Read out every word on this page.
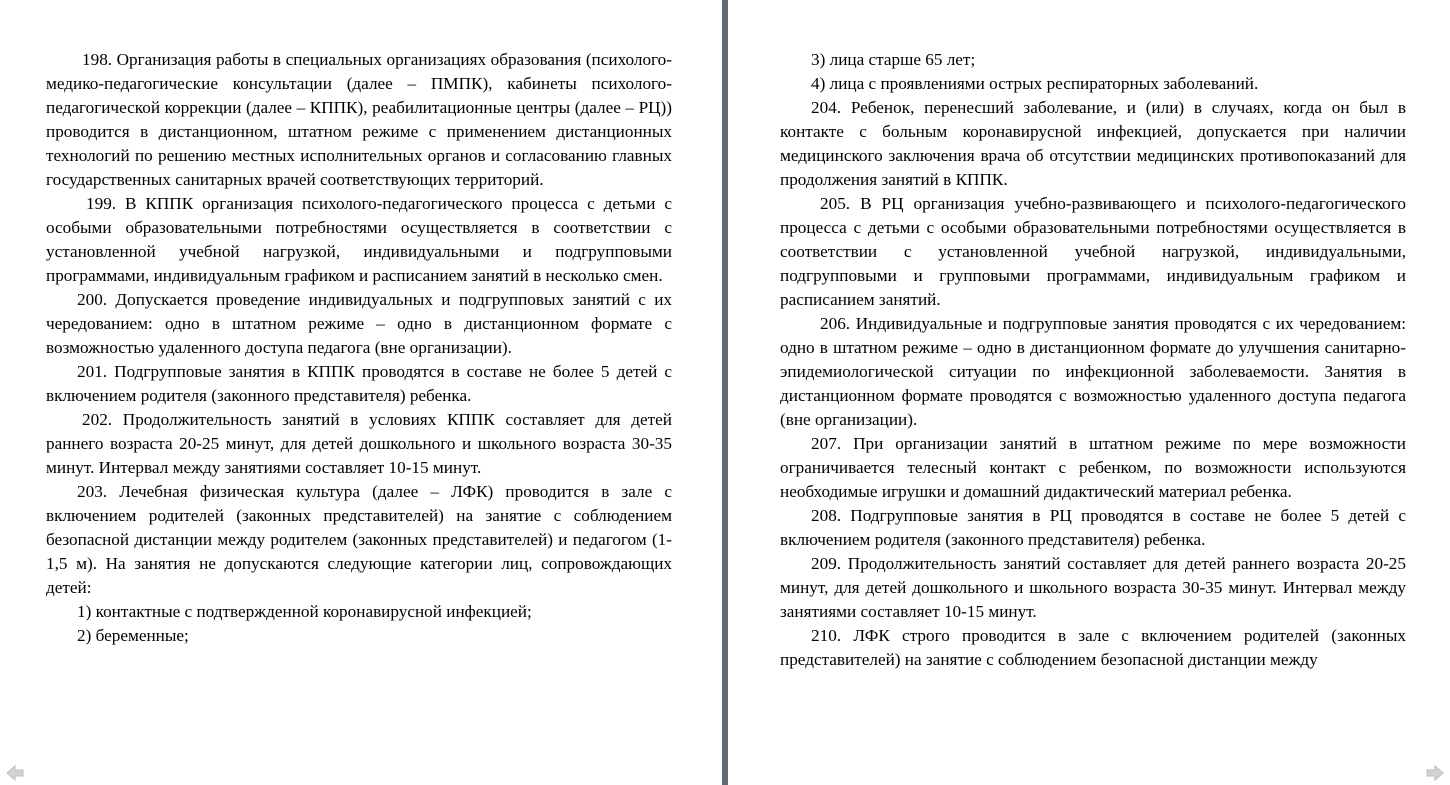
198. Организация работы в специальных организациях образования (психолого-медико-педагогические консультации (далее – ПМПК), кабинеты психолого-педагогической коррекции (далее – КППК), реабилитационные центры (далее – РЦ)) проводится в дистанционном, штатном режиме с применением дистанционных технологий по решению местных исполнительных органов и согласованию главных государственных санитарных врачей соответствующих территорий.

199. В КППК организация психолого-педагогического процесса с детьми с особыми образовательными потребностями осуществляется в соответствии с установленной учебной нагрузкой, индивидуальными и подгрупповыми программами, индивидуальным графиком и расписанием занятий в несколько смен.

200. Допускается проведение индивидуальных и подгрупповых занятий с их чередованием: одно в штатном режиме – одно в дистанционном формате с возможностью удаленного доступа педагога (вне организации).

201. Подгрупповые занятия в КППК проводятся в составе не более 5 детей с включением родителя (законного представителя) ребенка.

202. Продолжительность занятий в условиях КППК составляет для детей раннего возраста 20-25 минут, для детей дошкольного и школьного возраста 30-35 минут. Интервал между занятиями составляет 10-15 минут.

203. Лечебная физическая культура (далее – ЛФК) проводится в зале с включением родителей (законных представителей) на занятие с соблюдением безопасной дистанции между родителем (законных представителей) и педагогом (1-1,5 м). На занятия не допускаются следующие категории лиц, сопровождающих детей:

1) контактные с подтвержденной коронавирусной инфекцией;

2) беременные;

3) лица старше 65 лет;

4) лица с проявлениями острых респираторных заболеваний.

204. Ребенок, перенесший заболевание, и (или) в случаях, когда он был в контакте с больным коронавирусной инфекцией, допускается при наличии медицинского заключения врача об отсутствии медицинских противопоказаний для продолжения занятий в КППК.

205. В РЦ организация учебно-развивающего и психолого-педагогического процесса с детьми с особыми образовательными потребностями осуществляется в соответствии с установленной учебной нагрузкой, индивидуальными, подгрупповыми и групповыми программами, индивидуальным графиком и расписанием занятий.

206. Индивидуальные и подгрупповые занятия проводятся с их чередованием: одно в штатном режиме – одно в дистанционном формате до улучшения санитарно-эпидемиологической ситуации по инфекционной заболеваемости. Занятия в дистанционном формате проводятся с возможностью удаленного доступа педагога (вне организации).

207. При организации занятий в штатном режиме по мере возможности ограничивается телесный контакт с ребенком, по возможности используются необходимые игрушки и домашний дидактический материал ребенка.

208. Подгрупповые занятия в РЦ проводятся в составе не более 5 детей с включением родителя (законного представителя) ребенка.

209. Продолжительность занятий составляет для детей раннего возраста 20-25 минут, для детей дошкольного и школьного возраста 30-35 минут. Интервал между занятиями составляет 10-15 минут.

210. ЛФК строго проводится в зале с включением родителей (законных представителей) на занятие с соблюдением безопасной дистанции между
